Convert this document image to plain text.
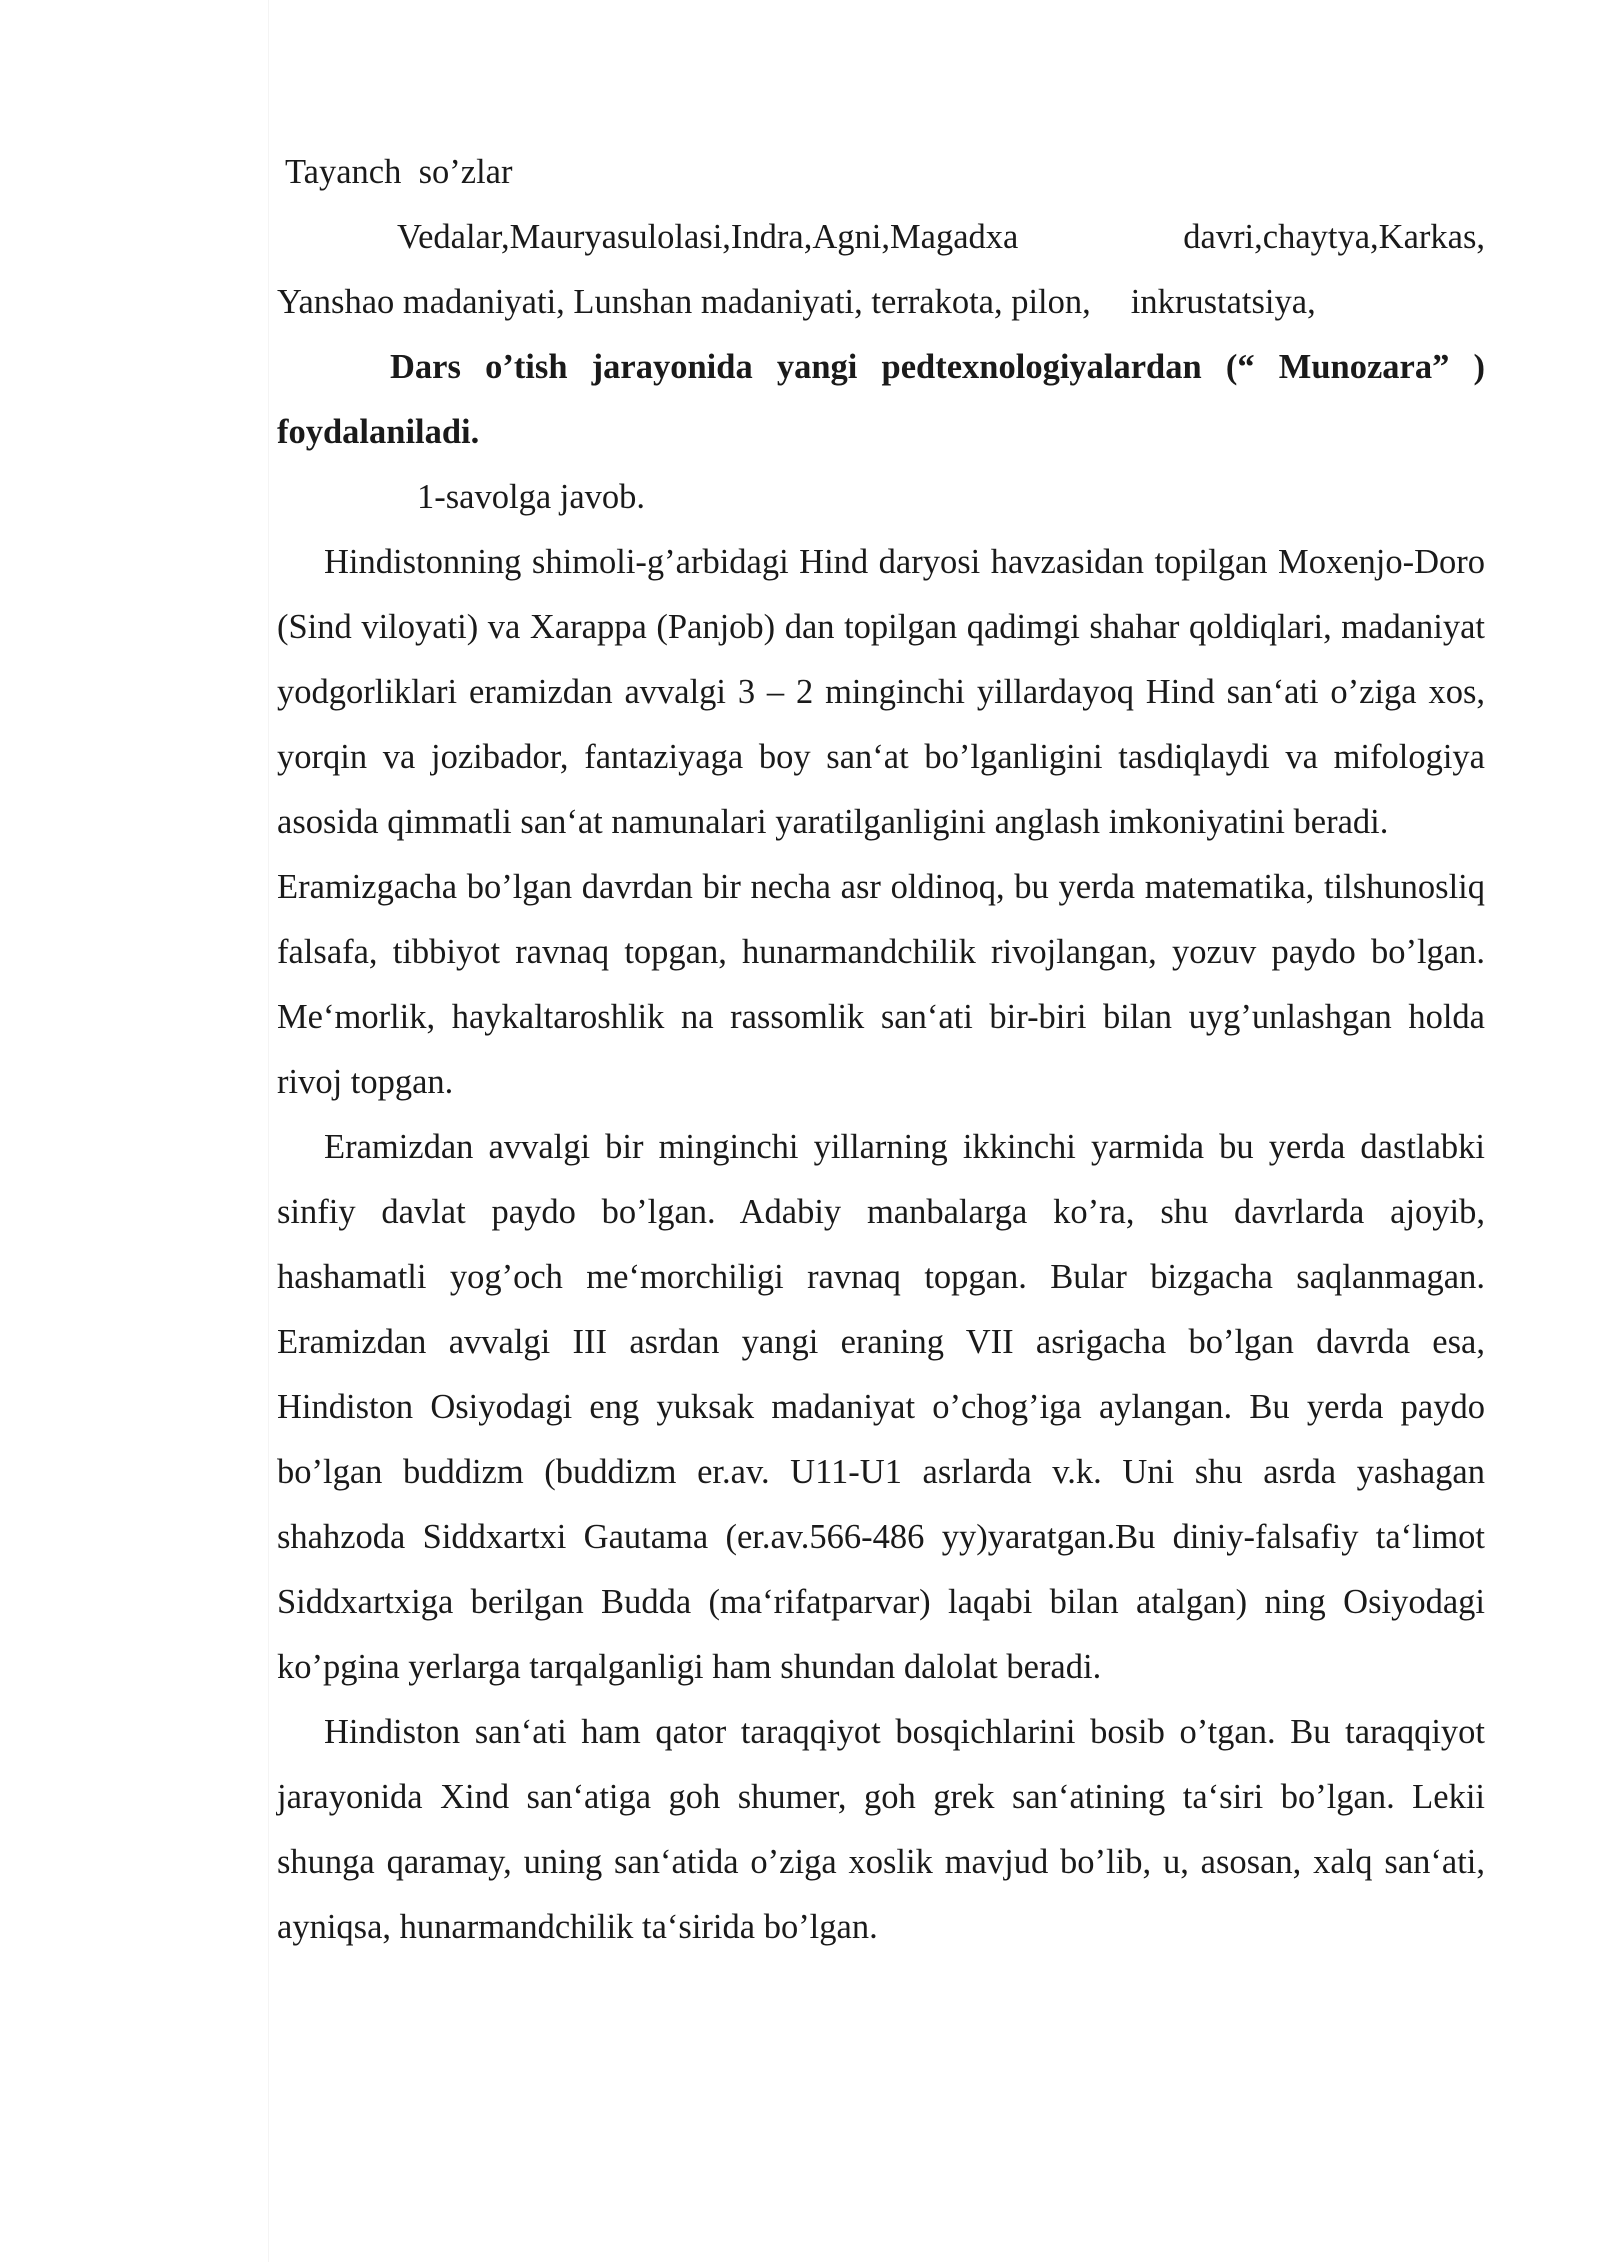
Tayanch  so’zlar

Vedalar,Mauryasulolasi,Indra,Agni,Magadxa	davri,chaytya,Karkas,

Yanshao madaniyati, Lunshan madaniyati, terrakota, pilon, inkrustatsiya,

Dars o’tish jarayonida yangi pedtexnologiyalardan (“ Munozara” ) foydalaniladi.

1-savolga javob.

Hindistonning shimoli-g’arbidagi Hind daryosi havzasidan topilgan Moxenjo-Doro (Sind viloyati) va Xarappa (Panjob) dan topilgan qadimgi shahar qoldiqlari, madaniyat yodgorliklari eramizdan avvalgi 3 – 2 minginchi yillardayoq Hind san‘ati o’ziga xos, yorqin va jozibador, fantaziyaga boy san‘at bo’lganligini tasdiqlaydi va mifologiya asosida qimmatli san‘at namunalari yaratilganligini anglash imkoniyatini beradi.

Eramizgacha bo’lgan davrdan bir necha asr oldinoq, bu yerda matematika, tilshunosliq falsafa, tibbiyot ravnaq topgan, hunarmandchilik rivojlangan, yozuv paydo bo’lgan. Me‘morlik, haykaltaroshlik na rassomlik san‘ati bir-biri bilan uyg’unlashgan holda rivoj topgan.

Eramizdan avvalgi bir minginchi yillarning ikkinchi yarmida bu yerda dastlabki sinfiy davlat paydo bo’lgan. Adabiy manbalarga ko’ra, shu davrlarda ajoyib, hashamatli yog’och me‘morchiligi ravnaq topgan. Bular bizgacha saqlanmagan. Eramizdan avvalgi III asrdan yangi eraning VII asrigacha bo’lgan davrda esa, Hindiston Osiyodagi eng yuksak madaniyat o’chog’iga aylangan. Bu yerda paydo bo’lgan buddizm (buddizm er.av. U11-U1 asrlarda v.k. Uni shu asrda yashagan shahzoda Siddxartxi Gautama (er.av.566-486 yy)yaratgan.Bu diniy-falsafiy ta‘limot Siddxartxiga berilgan Budda (ma‘rifatparvar) laqabi bilan atalgan) ning Osiyodagi ko’pgina yerlarga tarqalganligi ham shundan dalolat beradi.

Hindiston san‘ati ham qator taraqqiyot bosqichlarini bosib o’tgan. Bu taraqqiyot jarayonida Xind san‘atiga goh shumer, goh grek san‘atining ta‘siri bo’lgan. Lekii shunga qaramay, uning san‘atida o’ziga xoslik mavjud bo’lib, u, asosan, xalq san‘ati, ayniqsa, hunarmandchilik ta‘sirida bo’lgan.
